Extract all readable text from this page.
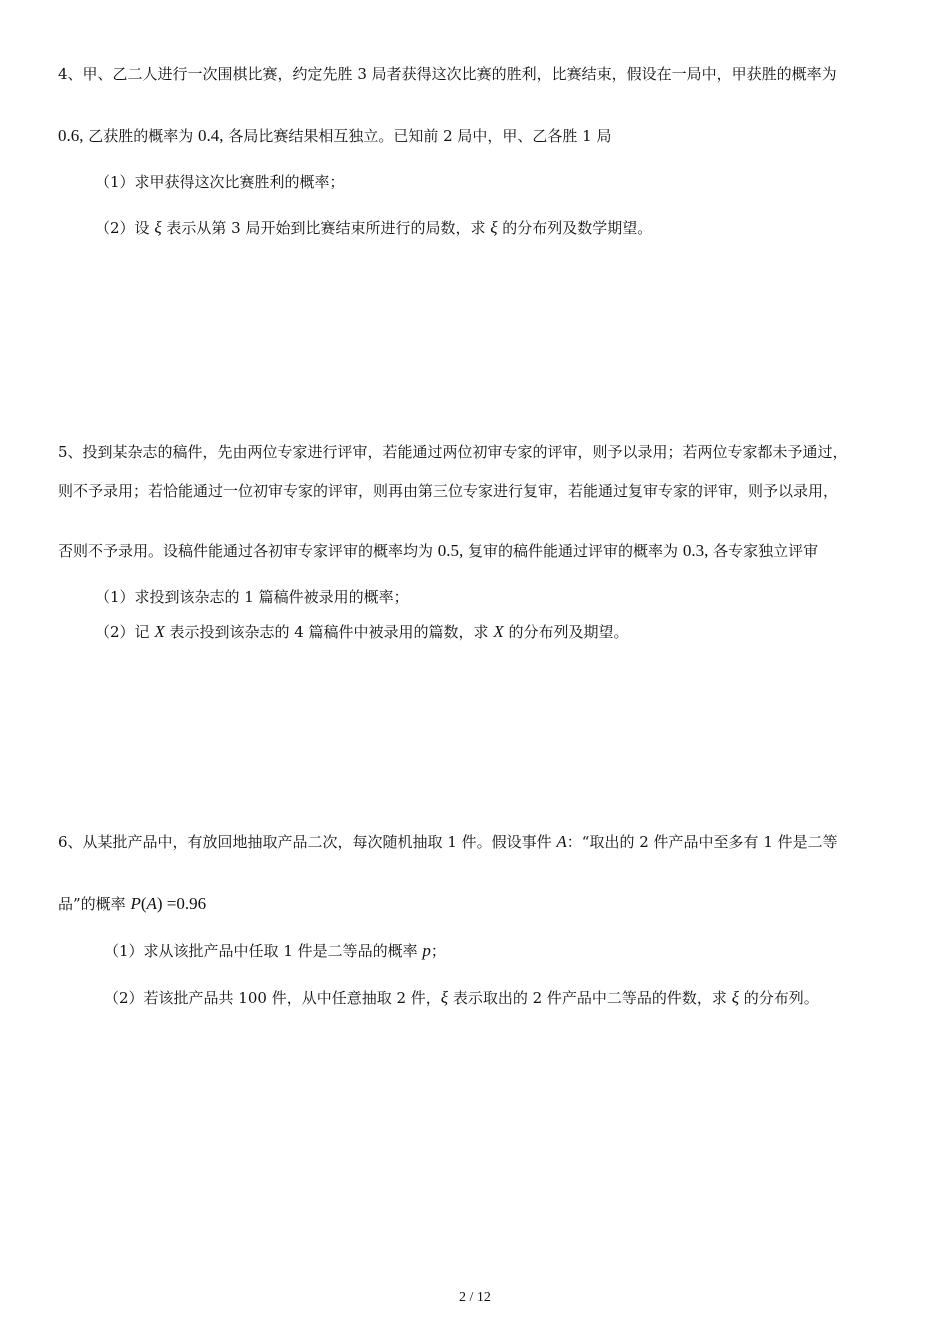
4、甲、乙二人进行一次围棋比赛，约定先胜 3 局者获得这次比赛的胜利，比赛结束，假设在一局中，甲获胜的概率为
0.6, 乙获胜的概率为 0.4, 各局比赛结果相互独立。已知前 2 局中，甲、乙各胜 1 局
（1）求甲获得这次比赛胜利的概率；
（2）设 ξ 表示从第 3 局开始到比赛结束所进行的局数，求 ξ 的分布列及数学期望。
5、投到某杂志的稿件，先由两位专家进行评审，若能通过两位初审专家的评审，则予以录用；若两位专家都未予通过，
则不予录用；若恰能通过一位初审专家的评审，则再由第三位专家进行复审，若能通过复审专家的评审，则予以录用，
否则不予录用。设稿件能通过各初审专家评审的概率均为 0.5, 复审的稿件能通过评审的概率为 0.3, 各专家独立评审
（1）求投到该杂志的 1 篇稿件被录用的概率；
（2）记 X 表示投到该杂志的 4 篇稿件中被录用的篇数，求 X 的分布列及期望。
6、从某批产品中，有放回地抽取产品二次，每次随机抽取 1 件。假设事件 A：“取出的 2 件产品中至多有 1 件是二等
品”的概率 P(A) =0.96
（1）求从该批产品中任取 1 件是二等品的概率 p；
（2）若该批产品共 100 件，从中任意抽取 2 件，ξ 表示取出的 2 件产品中二等品的件数，求 ξ 的分布列。
2 / 12
